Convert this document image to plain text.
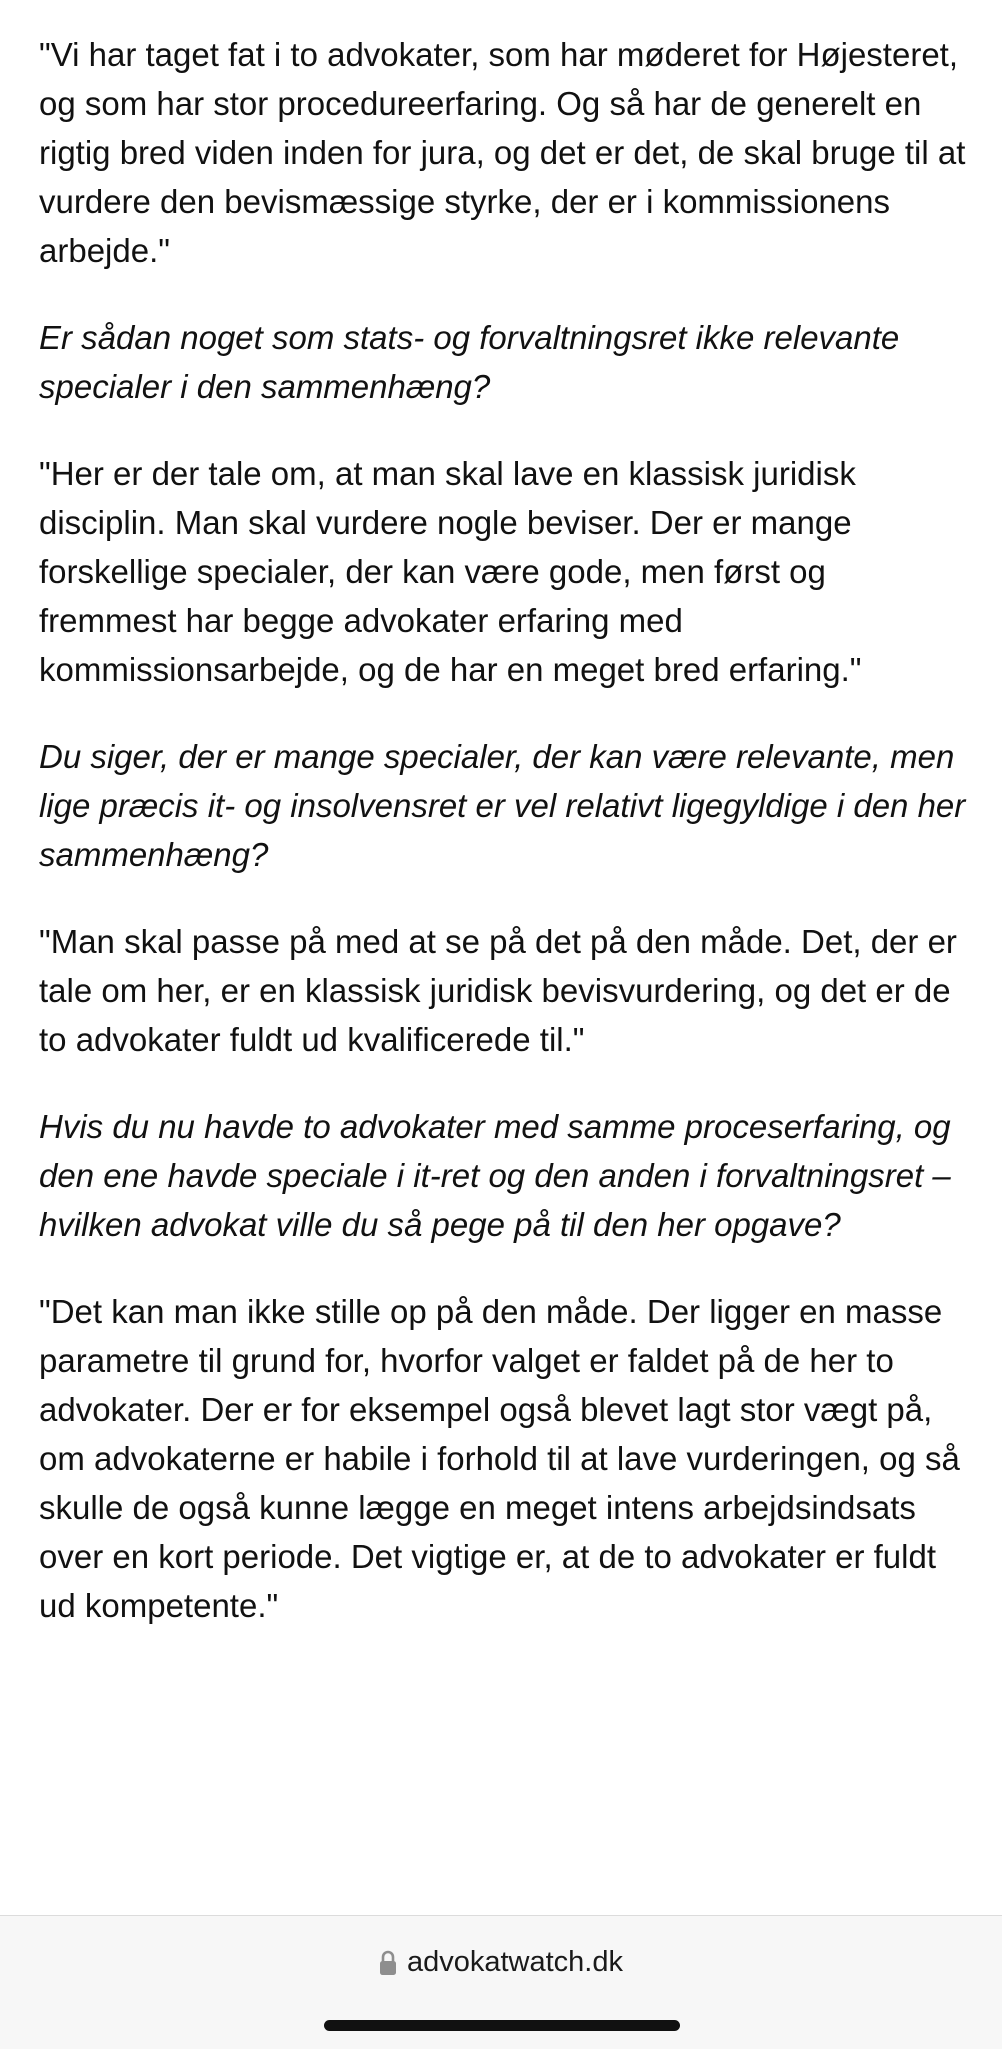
"Vi har taget fat i to advokater, som har møderet for Højesteret, og som har stor procedureerfaring. Og så har de generelt en rigtig bred viden inden for jura, og det er det, de skal bruge til at vurdere den bevismæssige styrke, der er i kommissionens arbejde."

Er sådan noget som stats- og forvaltningsret ikke relevante specialer i den sammenhæng?

"Her er der tale om, at man skal lave en klassisk juridisk disciplin. Man skal vurdere nogle beviser. Der er mange forskellige specialer, der kan være gode, men først og fremmest har begge advokater erfaring med kommissionsarbejde, og de har en meget bred erfaring."

Du siger, der er mange specialer, der kan være relevante, men lige præcis it- og insolvensret er vel relativt ligegyldige i den her sammenhæng?

"Man skal passe på med at se på det på den måde. Det, der er tale om her, er en klassisk juridisk bevisvurdering, og det er de to advokater fuldt ud kvalificerede til."

Hvis du nu havde to advokater med samme proceserfaring, og den ene havde speciale i it-ret og den anden i forvaltningsret – hvilken advokat ville du så pege på til den her opgave?

"Det kan man ikke stille op på den måde. Der ligger en masse parametre til grund for, hvorfor valget er faldet på de her to advokater. Der er for eksempel også blevet lagt stor vægt på, om advokaterne er habile i forhold til at lave vurderingen, og så skulle de også kunne lægge en meget intens arbejdsindsats over en kort periode. Det vigtige er, at de to advokater er fuldt ud kompetente."

advokatwatch.dk
